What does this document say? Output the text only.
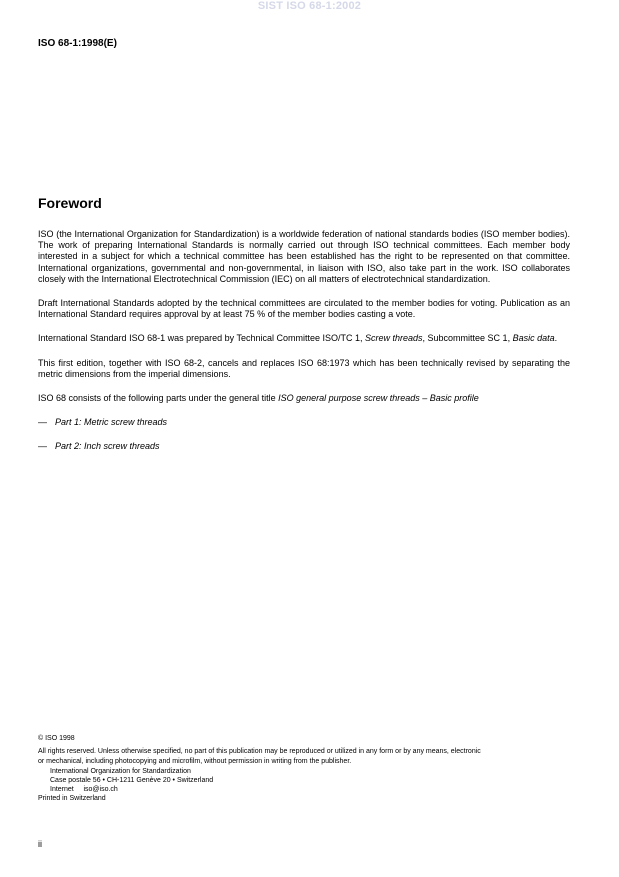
SIST ISO 68-1:2002
ISO 68-1:1998(E)
Foreword

ISO (the International Organization for Standardization) is a worldwide federation of national standards bodies (ISO member bodies). The work of preparing International Standards is normally carried out through ISO technical committees. Each member body interested in a subject for which a technical committee has been established has the right to be represented on that committee. International organizations, governmental and non-governmental, in liaison with ISO, also take part in the work. ISO collaborates closely with the International Electrotechnical Commission (IEC) on all matters of electrotechnical standardization.

Draft International Standards adopted by the technical committees are circulated to the member bodies for voting. Publication as an International Standard requires approval by at least 75 % of the member bodies casting a vote.

International Standard ISO 68-1 was prepared by Technical Committee ISO/TC 1, Screw threads, Subcommittee SC 1, Basic data.

This first edition, together with ISO 68-2, cancels and replaces ISO 68:1973 which has been technically revised by separating the metric dimensions from the imperial dimensions.

ISO 68 consists of the following parts under the general title ISO general purpose screw threads – Basic profile

— Part 1: Metric screw threads
— Part 2: Inch screw threads
© ISO 1998
All rights reserved. Unless otherwise specified, no part of this publication may be reproduced or utilized in any form or by any means, electronic
or mechanical, including photocopying and microfilm, without permission in writing from the publisher.
International Organization for Standardization
Case postale 56 • CH-1211 Genève 20 • Switzerland
Internet     iso@iso.ch
Printed in Switzerland
ii
